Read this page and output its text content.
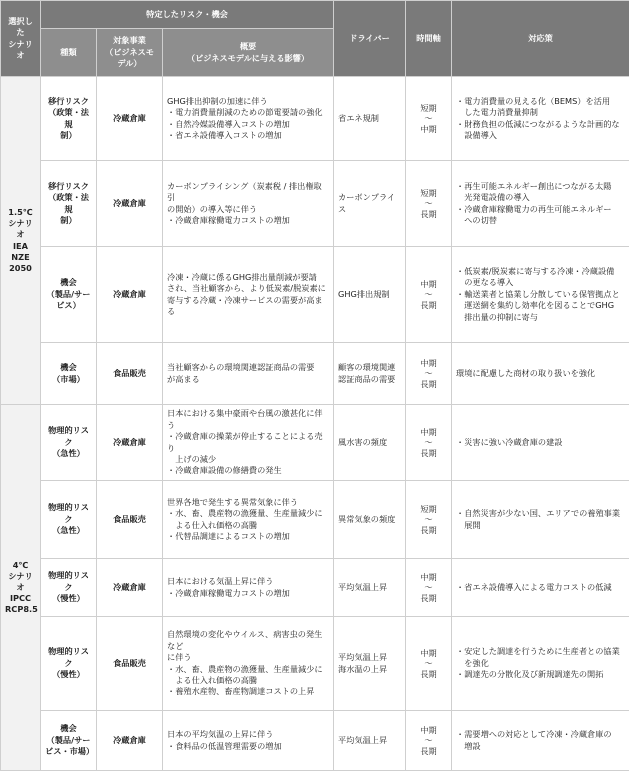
選択した
シナリオ	特定したリスク・機会			ドライバー	時間軸	対応策
	種類	対象事業
（ビジネスモデル）	概要
（ビジネスモデルに与える影響）			

1.5℃
シナリオ
IEA
NZE
2050	移行リスク
（政策・法規
制）	冷蔵倉庫	GHG排出抑制の加速に伴う
・電力消費量削減のための節電要請の強化
・自然冷媒設備導入コストの増加
・省エネ設備導入コストの増加	省エネ規制	短期
～
中期	・電力消費量の見える化（BEMS）を活用
　した電力消費量抑制
・財務負担の低減につながるような計画的な
　設備導入

	移行リスク
（政策・法規
制）	冷蔵倉庫	カーボンプライシング（炭素税 / 排出権取引
の開始）の導入等に伴う
・冷蔵倉庫稼働電力コストの増加	カーボンプライス	短期
～
長期	・再生可能エネルギー創出につながる太陽
　光発電設備の導入
・冷蔵倉庫稼働電力の再生可能エネルギー
　への切替

	機会
（製品/サー
ビス）	冷蔵倉庫	冷凍・冷蔵に係るGHG排出量削減が要請
され、当社顧客から、より低炭素/脱炭素に
寄与する冷蔵・冷凍サービスの需要が高まる	GHG排出規制	中期
～
長期	・低炭素/脱炭素に寄与する冷凍・冷蔵設備
　の更なる導入
・輸送業者と協業し分散している保管拠点と
　運送網を集約し効率化を図ることでGHG
　排出量の抑制に寄与

	機会
（市場）	食品販売	当社顧客からの環境関連認証商品の需要
が高まる	顧客の環境関連
認証商品の需要	中期
～
長期	環境に配慮した商材の取り扱いを強化

4℃
シナリオ
IPCC
RCP8.5	物理的リスク
（急性）	冷蔵倉庫	日本における集中豪雨や台風の激甚化に伴う
・冷蔵倉庫の操業が停止することによる売り
　上げの減少
・冷蔵倉庫設備の修繕費の発生	風水害の頻度	中期
～
長期	・災害に強い冷蔵倉庫の建設

	物理的リスク
（急性）	食品販売	世界各地で発生する異常気象に伴う
・水、畜、農産物の漁獲量、生産量減少に
　よる仕入れ価格の高騰
・代替品調達によるコストの増加	異常気象の頻度	短期
～
長期	・自然災害が少ない国、エリアでの養殖事業
　展開

	物理的リスク
（慢性）	冷蔵倉庫	日本における気温上昇に伴う
・冷蔵倉庫稼働電力コストの増加	平均気温上昇	中期
～
長期	・省エネ設備導入による電力コストの低減

	物理的リスク
（慢性）	食品販売	自然環境の変化やウイルス、病害虫の発生など
に伴う
・水、畜、農産物の漁獲量、生産量減少に
　よる仕入れ価格の高騰
・養殖水産物、畜産物調達コストの上昇	平均気温上昇
海水温の上昇	中期
～
長期	・安定した調達を行うために生産者との協業
　を強化
・調達先の分散化及び新規調達先の開拓

	機会
（製品/サー
ビス・市場）	冷蔵倉庫	日本の平均気温の上昇に伴う
・食料品の低温管理需要の増加	平均気温上昇	中期
～
長期	・需要増への対応として冷凍・冷蔵倉庫の
　増設
